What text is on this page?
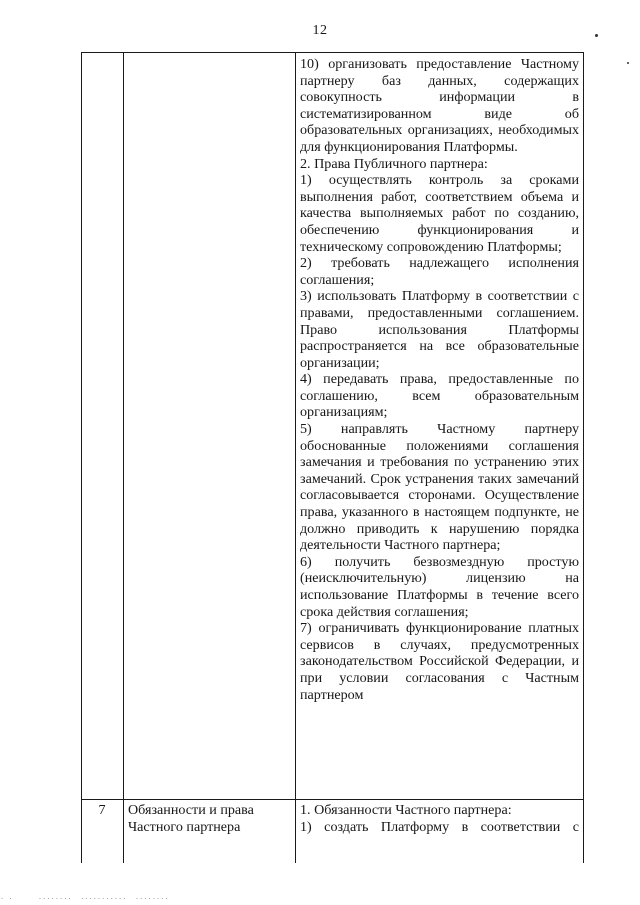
12

10) организовать предоставление Частному партнеру баз данных, содержащих совокупность информации в систематизированном виде об образовательных организациях, необходимых для функционирования Платформы.

2. Права Публичного партнера:

1) осуществлять контроль за сроками выполнения работ, соответствием объема и качества выполняемых работ по созданию, обеспечению функционирования и техническому сопровождению Платформы;

2) требовать надлежащего исполнения соглашения;

3) использовать Платформу в соответствии с правами, предоставленными соглашением. Право использования Платформы распространяется на все образовательные организации;

4) передавать права, предоставленные по соглашению, всем образовательным организациям;

5) направлять Частному партнеру обоснованные положениями соглашения замечания и требования по устранению этих замечаний. Срок устранения таких замечаний согласовывается сторонами. Осуществление права, указанного в настоящем подпункте, не должно приводить к нарушению порядка деятельности Частного партнера;

6) получить безвозмездную простую (неисключительную) лицензию на использование Платформы в течение всего срока действия соглашения;

7) ограничивать функционирование платных сервисов в случаях, предусмотренных законодательством Российской Федерации, и при условии согласования с Частным партнером

7	Обязанности и права Частного партнера

1. Обязанности Частного партнера:

1) создать Платформу в соответствии с

. .      ........  ...........  ........
